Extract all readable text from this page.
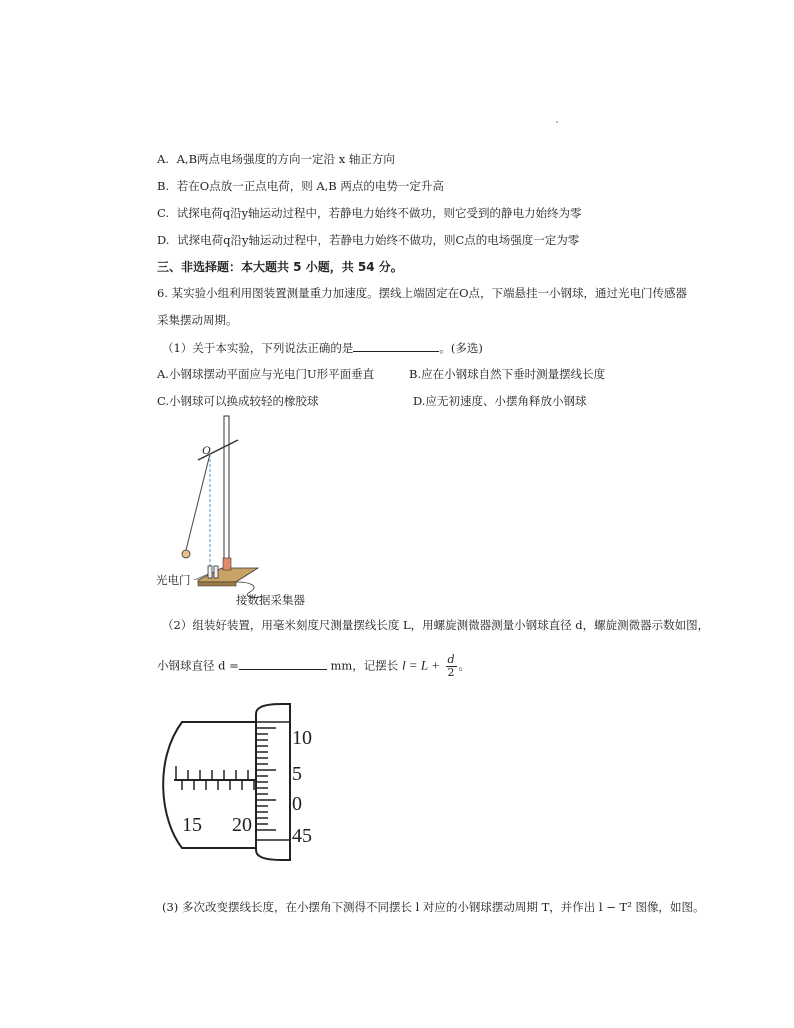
A. A,B两点电场强度的方向一定沿 x 轴正方向
B. 若在O点放一正点电荷，则 A,B 两点的电势一定升高
C. 试探电荷q沿y轴运动过程中，若静电力始终不做功，则它受到的静电力始终为零
D. 试探电荷q沿y轴运动过程中，若静电力始终不做功，则C点的电场强度一定为零
三、非选择题：本大题共 5 小题，共 54 分。
6. 某实验小组利用图装置测量重力加速度。摆线上端固定在O点，下端悬挂一小钢球，通过光电门传感器
采集摆动周期。
（1）关于本实验，下列说法正确的是	。(多选)
A.小钢球摆动平面应与光电门U形平面垂直	B.应在小钢球自然下垂时测量摆线长度
C.小钢球可以换成较轻的橡胶球	D.应无初速度、小摆角释放小钢球
O
光电门
接数据采集器
（2）组装好装置，用毫米刻度尺测量摆线长度 L，用螺旋测微器测量小钢球直径 d，螺旋测微器示数如图，
小钢球直径 d =	mm，记摆长 $l = L + \frac{d}{2}$ 。
15 20
10
5
0
45
(3) 多次改变摆线长度，在小摆角下测得不同摆长 l 对应的小钢球摆动周期 T，并作出 l − T² 图像，如图。
